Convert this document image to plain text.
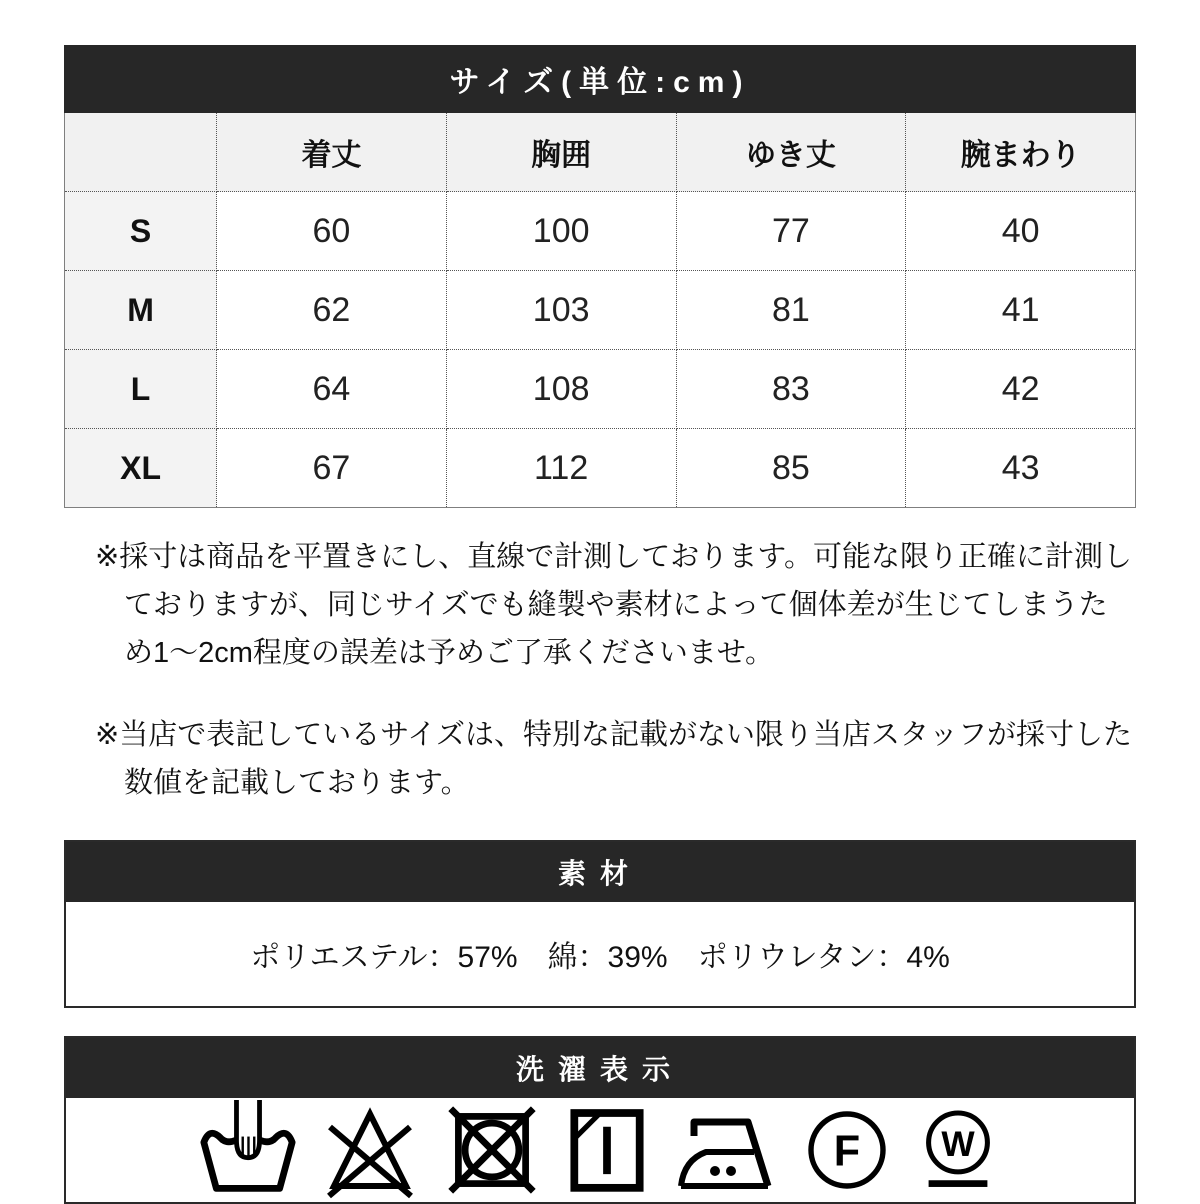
サイズ(単位:cm)				
	着丈	胸囲	ゆき丈	腕まわり
S	60	100	77	40
M	62	103	81	41
L	64	108	83	42
XL	67	112	85	43

※採寸は商品を平置きにし、直線で計測しております。可能な限り正確に計測しておりますが、同じサイズでも縫製や素材によって個体差が生じてしまうため1〜2cm程度の誤差は予めご了承くださいませ。

※当店で表記しているサイズは、特別な記載がない限り当店スタッフが採寸した数値を記載しております。

素材
ポリエステル：57%　綿：39%　ポリウレタン：4%
洗濯表示
F W
